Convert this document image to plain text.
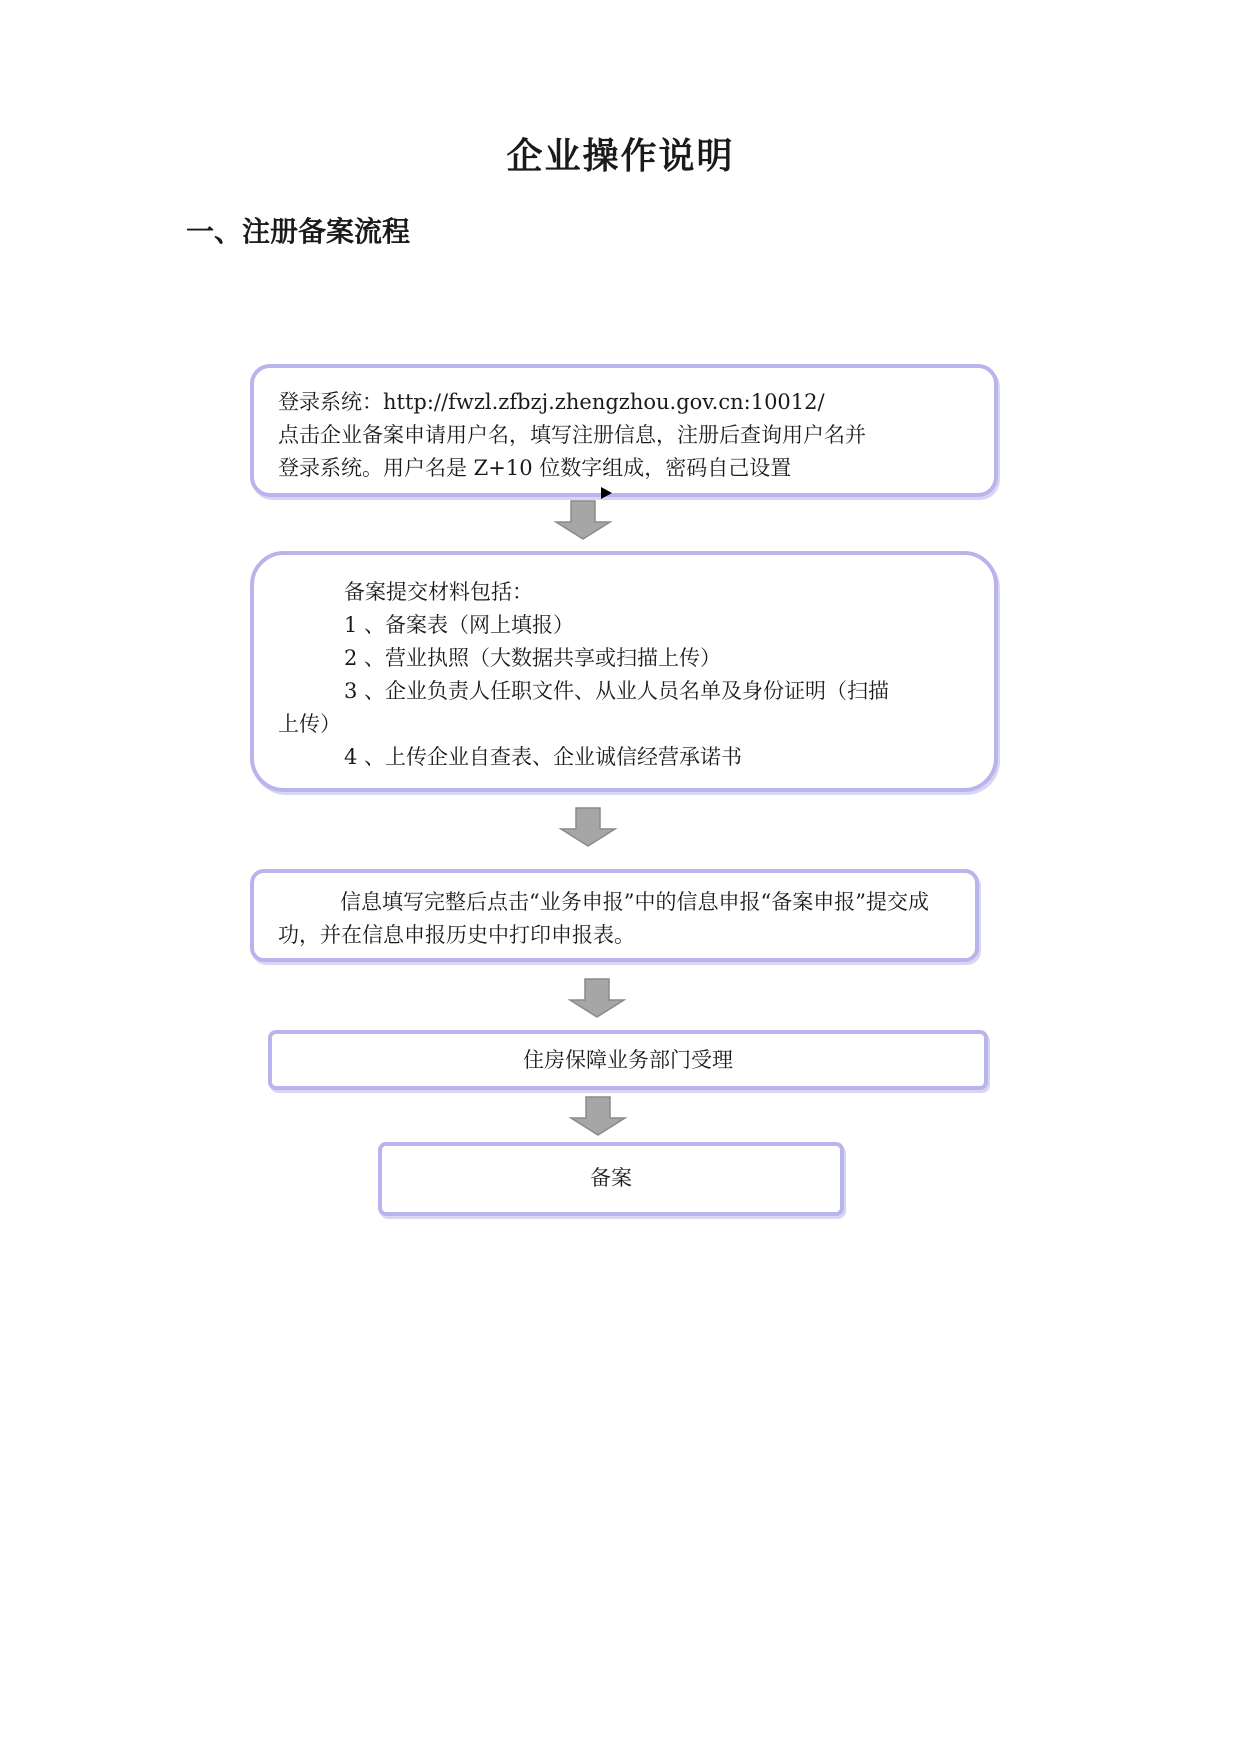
企业操作说明
一、注册备案流程
登录系统：http://fwzl.zfbzj.zhengzhou.gov.cn:10012/
点击企业备案申请用户名，填写注册信息，注册后查询用户名并
登录系统。用户名是 Z+10 位数字组成，密码自己设置
备案提交材料包括：
1 、备案表（网上填报）
2 、营业执照（大数据共享或扫描上传）
3 、企业负责人任职文件、从业人员名单及身份证明（扫描
上传）
4 、上传企业自查表、企业诚信经营承诺书
信息填写完整后点击“业务申报”中的信息申报“备案申报”提交成功，并在信息申报历史中打印申报表。
住房保障业务部门受理
备案
